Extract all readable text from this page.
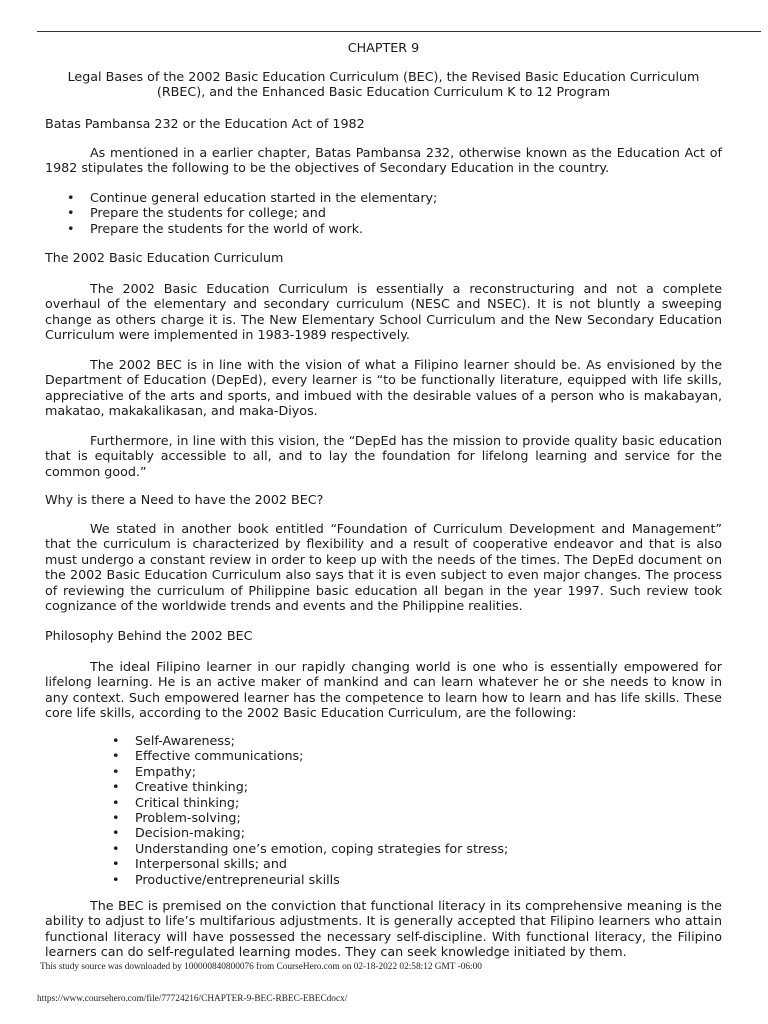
CHAPTER 9
Legal Bases of the 2002 Basic Education Curriculum (BEC), the Revised Basic Education Curriculum (RBEC), and the Enhanced Basic Education Curriculum K to 12 Program
Batas Pambansa 232 or the Education Act of 1982
As mentioned in a earlier chapter, Batas Pambansa 232, otherwise known as the Education Act of 1982 stipulates the following to be the objectives of Secondary Education in the country.
• Continue general education started in the elementary;
• Prepare the students for college; and
• Prepare the students for the world of work.
The 2002 Basic Education Curriculum
The 2002 Basic Education Curriculum is essentially a reconstructuring and not a complete overhaul of the elementary and secondary curriculum (NESC and NSEC). It is not bluntly a sweeping change as others charge it is. The New Elementary School Curriculum and the New Secondary Education Curriculum were implemented in 1983-1989 respectively.
The 2002 BEC is in line with the vision of what a Filipino learner should be. As envisioned by the Department of Education (DepEd), every learner is “to be functionally literature, equipped with life skills, appreciative of the arts and sports, and imbued with the desirable values of a person who is makabayan, makatao, makakalikasan, and maka-Diyos.
Furthermore, in line with this vision, the “DepEd has the mission to provide quality basic education that is equitably accessible to all, and to lay the foundation for lifelong learning and service for the common good.”
Why is there a Need to have the 2002 BEC?
We stated in another book entitled “Foundation of Curriculum Development and Management” that the curriculum is characterized by flexibility and a result of cooperative endeavor and that is also must undergo a constant review in order to keep up with the needs of the times. The DepEd document on the 2002 Basic Education Curriculum also says that it is even subject to even major changes. The process of reviewing the curriculum of Philippine basic education all began in the year 1997. Such review took cognizance of the worldwide trends and events and the Philippine realities.
Philosophy Behind the 2002 BEC
The ideal Filipino learner in our rapidly changing world is one who is essentially empowered for lifelong learning. He is an active maker of mankind and can learn whatever he or she needs to know in any context. Such empowered learner has the competence to learn how to learn and has life skills. These core life skills, according to the 2002 Basic Education Curriculum, are the following:
• Self-Awareness;
• Effective communications;
• Empathy;
• Creative thinking;
• Critical thinking;
• Problem-solving;
• Decision-making;
• Understanding one’s emotion, coping strategies for stress;
• Interpersonal skills; and
• Productive/entrepreneurial skills
The BEC is premised on the conviction that functional literacy in its comprehensive meaning is the ability to adjust to life’s multifarious adjustments. It is generally accepted that Filipino learners who attain functional literacy will have possessed the necessary self-discipline. With functional literacy, the Filipino learners can do self-regulated learning modes. They can seek knowledge initiated by them.
This study source was downloaded by 100000840800076 from CourseHero.com on 02-18-2022 02:58:12 GMT -06:00
https://www.coursehero.com/file/77724216/CHAPTER-9-BEC-RBEC-EBECdocx/
